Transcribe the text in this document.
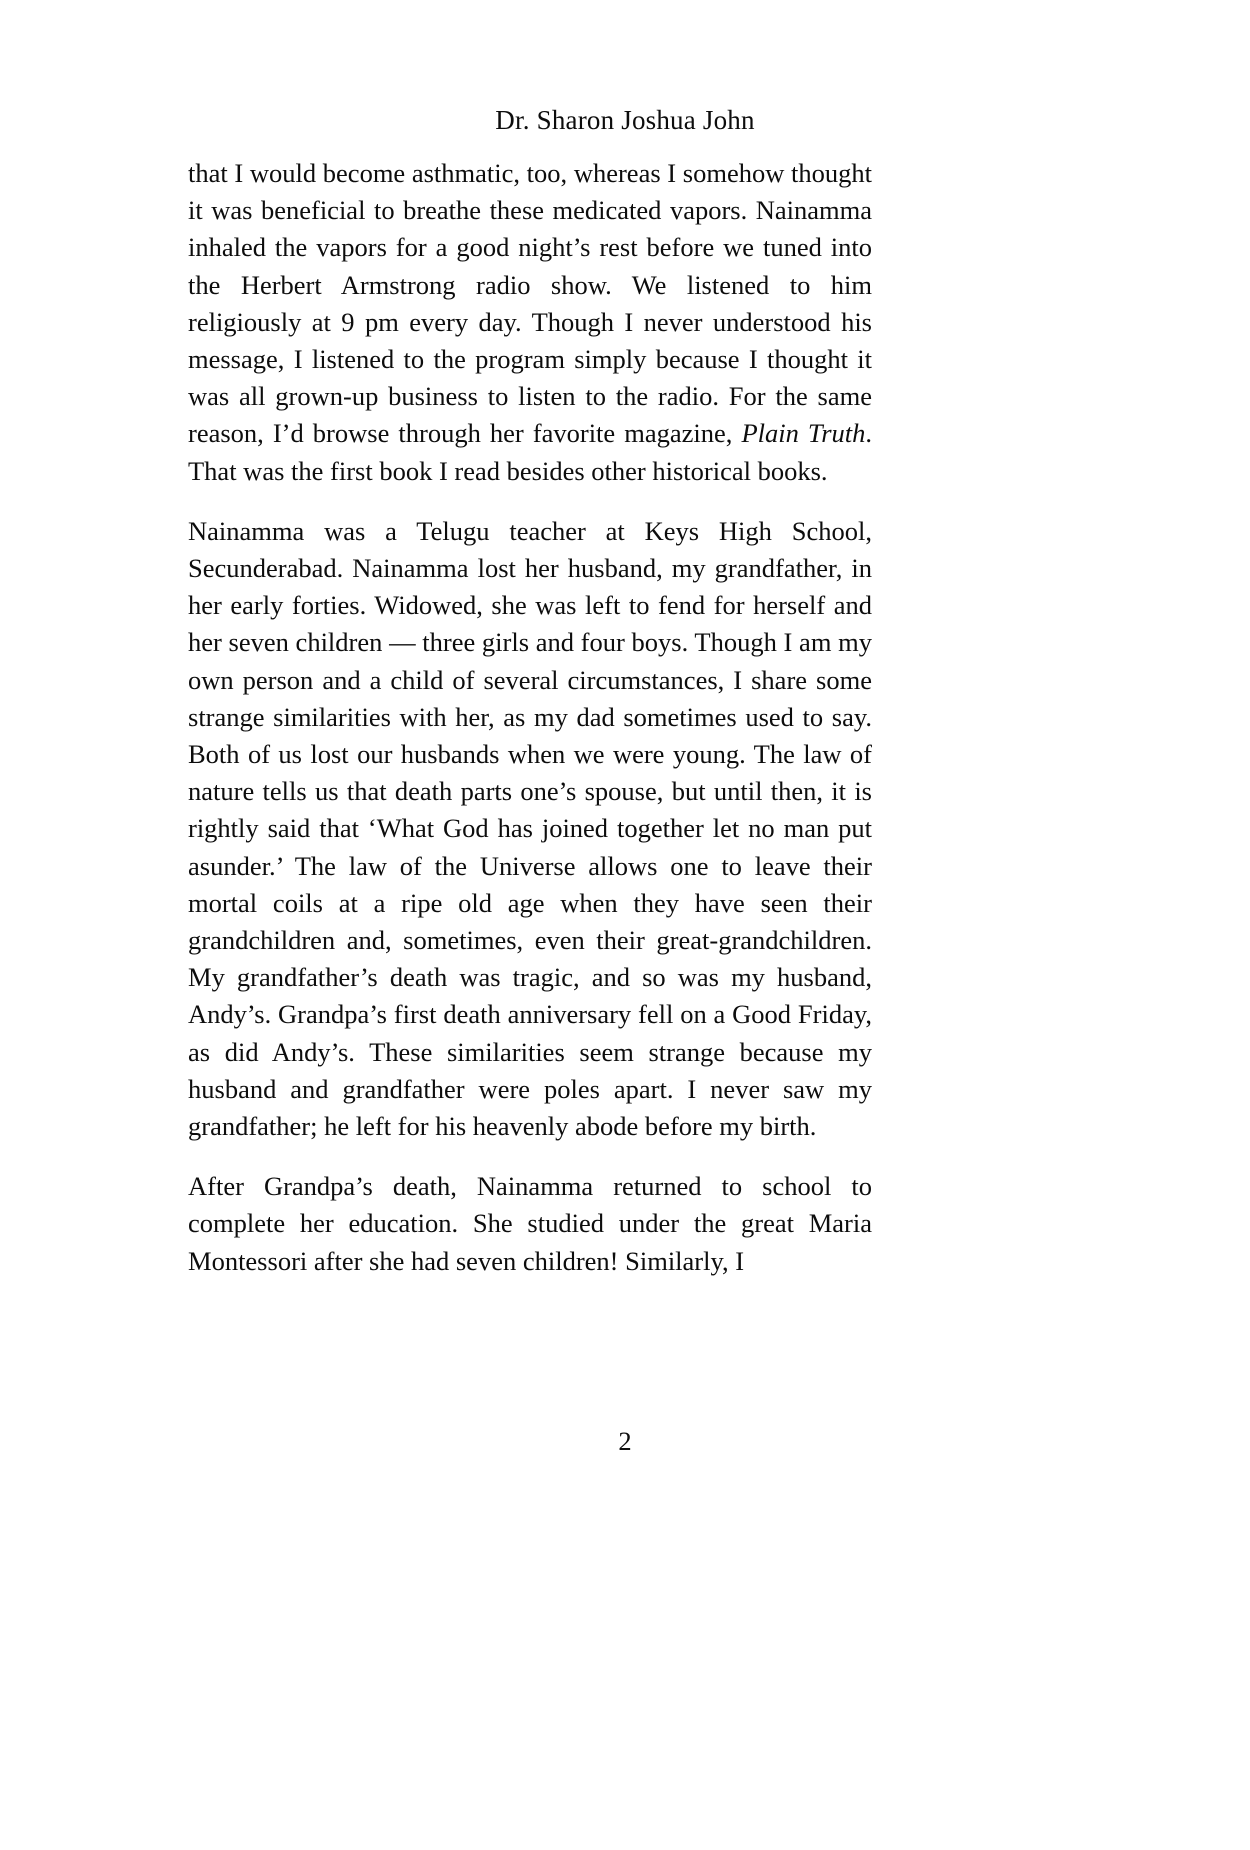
Dr. Sharon Joshua John

that I would become asthmatic, too, whereas I somehow thought it was beneficial to breathe these medicated vapors. Nainamma inhaled the vapors for a good night’s rest before we tuned into the Herbert Armstrong radio show. We listened to him religiously at 9 pm every day. Though I never understood his message, I listened to the program simply because I thought it was all grown-up business to listen to the radio. For the same reason, I’d browse through her favorite magazine, Plain Truth. That was the first book I read besides other historical books.

Nainamma was a Telugu teacher at Keys High School, Secunderabad. Nainamma lost her husband, my grandfather, in her early forties. Widowed, she was left to fend for herself and her seven children — three girls and four boys. Though I am my own person and a child of several circumstances, I share some strange similarities with her, as my dad sometimes used to say. Both of us lost our husbands when we were young. The law of nature tells us that death parts one’s spouse, but until then, it is rightly said that ‘What God has joined together let no man put asunder.’ The law of the Universe allows one to leave their mortal coils at a ripe old age when they have seen their grandchildren and, sometimes, even their great-grandchildren. My grandfather’s death was tragic, and so was my husband, Andy’s. Grandpa’s first death anniversary fell on a Good Friday, as did Andy’s. These similarities seem strange because my husband and grandfather were poles apart. I never saw my grandfather; he left for his heavenly abode before my birth.

After Grandpa’s death, Nainamma returned to school to complete her education. She studied under the great Maria Montessori after she had seven children! Similarly, I

2
